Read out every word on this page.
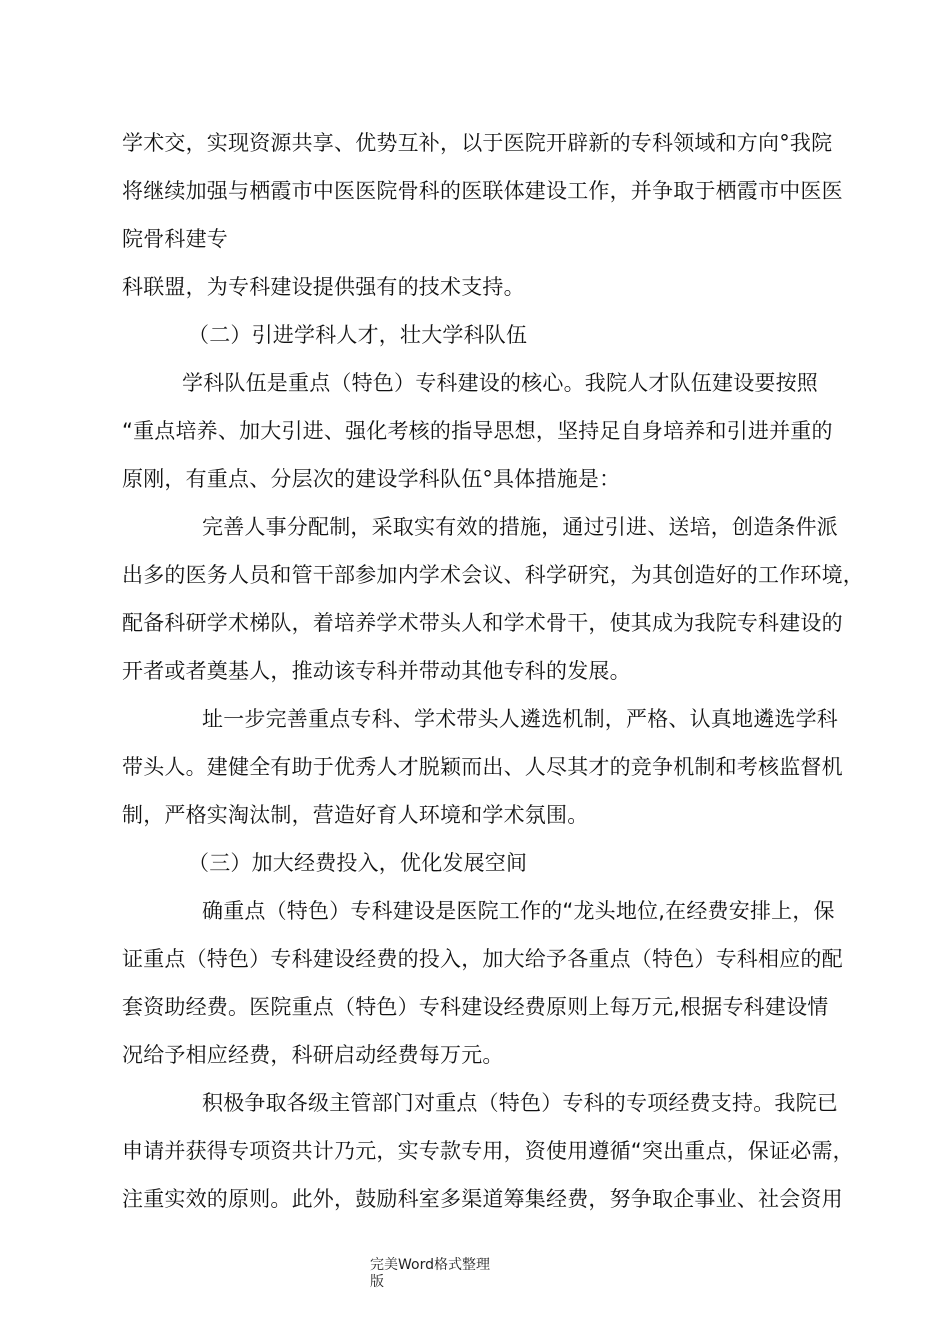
学术交，实现资源共享、优势互补，以于医院开辟新的专科领域和方向°我院
将继续加强与栖霞市中医医院骨科的医联体建设工作，并争取于栖霞市中医医
院骨科建专
科联盟，为专科建设提供强有的技术支持。
（二）引进学科人才，壮大学科队伍
学科队伍是重点（特色）专科建设的核心。我院人才队伍建设要按照
“重点培养、加大引进、强化考核的指导思想，坚持足自身培养和引进并重的
原刚，有重点、分层次的建设学科队伍°具体措施是：
完善人事分配制，采取实有效的措施，通过引进、送培，创造条件派
出多的医务人员和管干部参加内学术会议、科学研究，为其创造好的工作环境，
配备科研学术梯队，着培养学术带头人和学术骨干，使其成为我院专科建设的
开者或者奠基人，推动该专科并带动其他专科的发展。
址一步完善重点专科、学术带头人遴选机制，严格、认真地遴选学科
带头人。建健全有助于优秀人才脱颖而出、人尽其才的竞争机制和考核监督机
制，严格实淘汰制，营造好育人环境和学术氛围。
（三）加大经费投入，优化发展空间
确重点（特色）专科建设是医院工作的“龙头地位,在经费安排上，保
证重点（特色）专科建设经费的投入，加大给予各重点（特色）专科相应的配
套资助经费。医院重点（特色）专科建设经费原则上每万元,根据专科建设情
况给予相应经费，科研启动经费每万元。
积极争取各级主管部门对重点（特色）专科的专项经费支持。我院已
申请并获得专项资共计乃元，实专款专用，资使用遵循“突出重点，保证必需，
注重实效的原则。此外，鼓励科室多渠道筹集经费，努争取企事业、社会资用
完美Word格式整理
版
